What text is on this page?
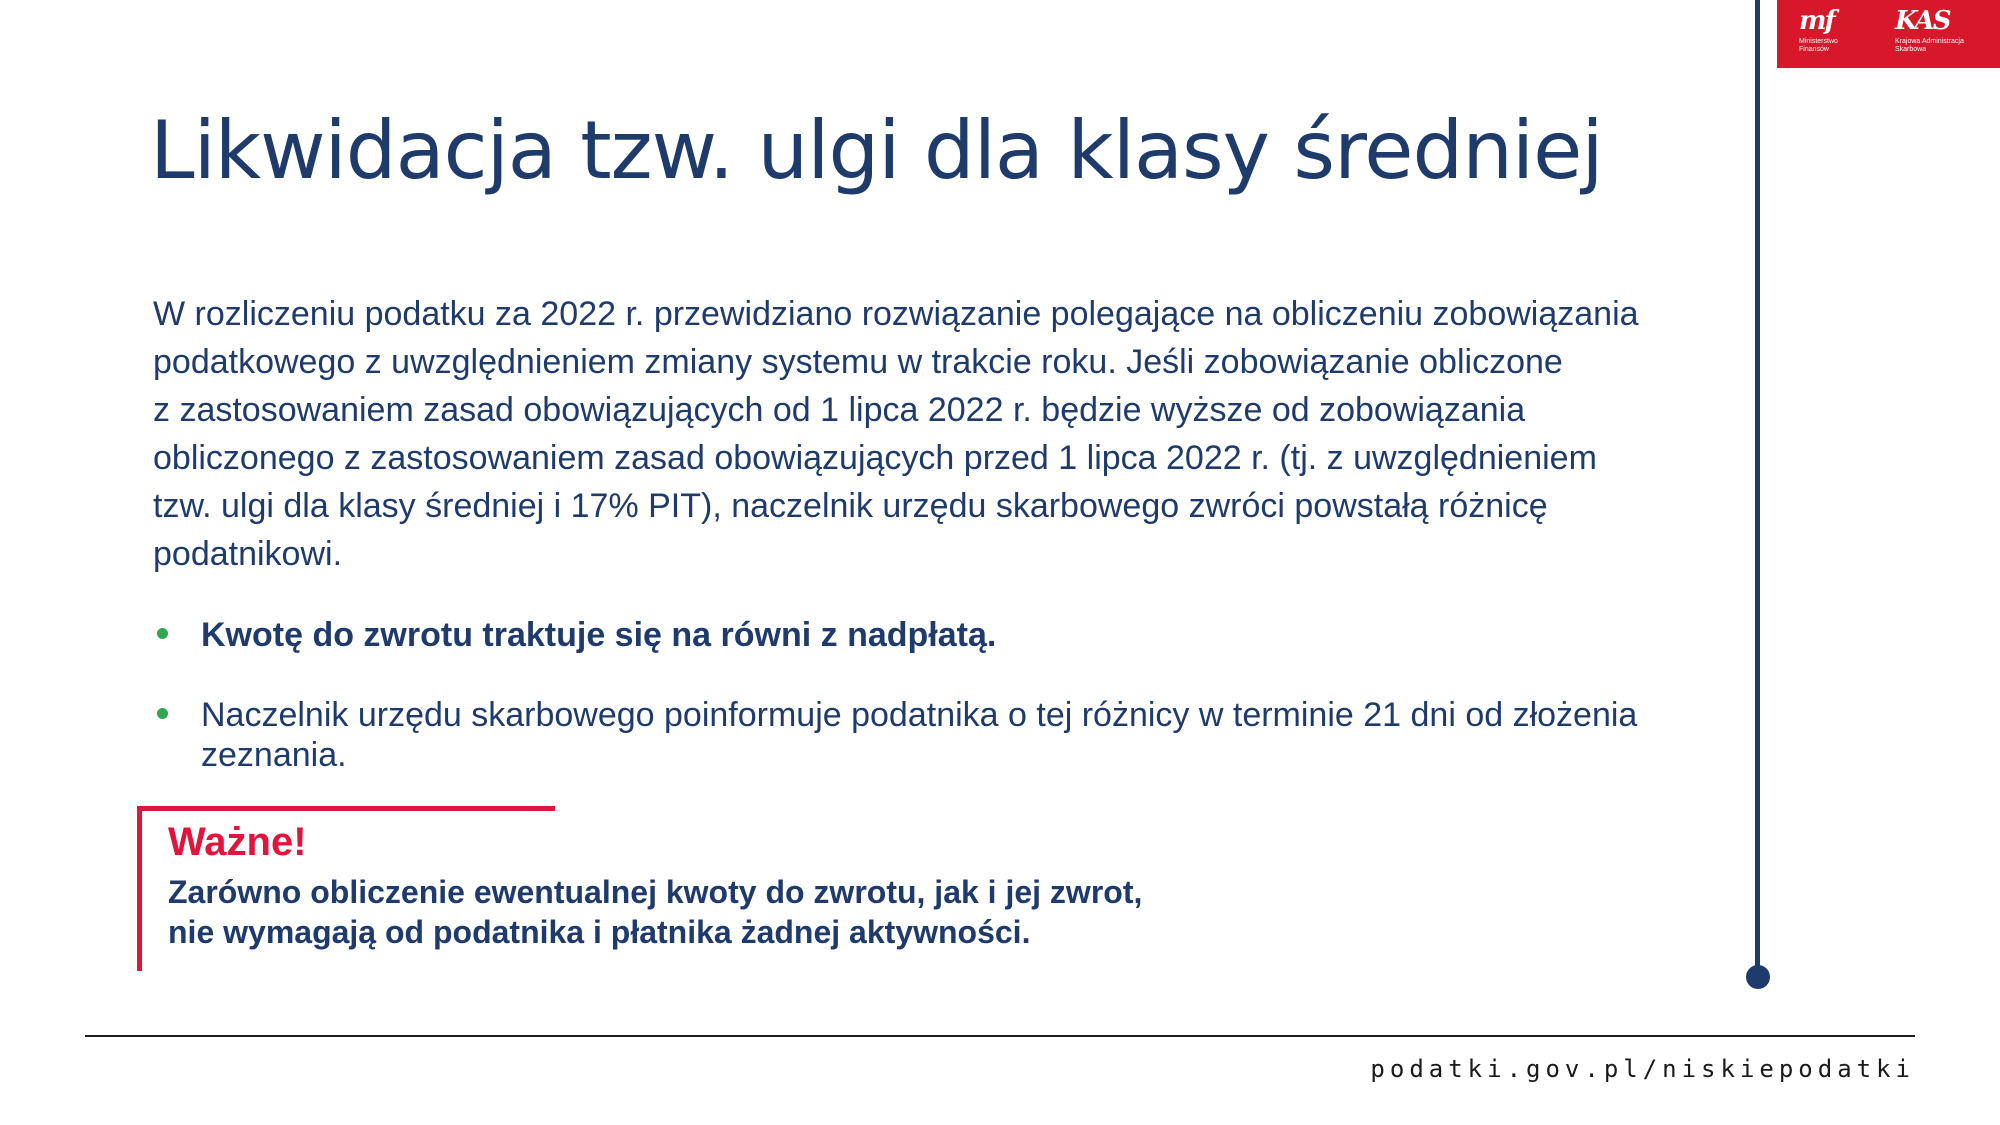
mf
Ministerstwo
Finansów
KAS
Krajowa Administracja
Skarbowa
Likwidacja tzw. ulgi dla klasy średniej

W rozliczeniu podatku za 2022 r. przewidziano rozwiązanie polegające na obliczeniu zobowiązania
podatkowego z uwzględnieniem zmiany systemu w trakcie roku. Jeśli zobowiązanie obliczone
z zastosowaniem zasad obowiązujących od 1 lipca 2022 r. będzie wyższe od zobowiązania
obliczonego z zastosowaniem zasad obowiązujących przed 1 lipca 2022 r. (tj. z uwzględnieniem
tzw. ulgi dla klasy średniej i 17% PIT), naczelnik urzędu skarbowego zwróci powstałą różnicę
podatnikowi.

Kwotę do zwrotu traktuje się na równi z nadpłatą.
Naczelnik urzędu skarbowego poinformuje podatnika o tej różnicy w terminie 21 dni od złożenia zeznania.
Ważne!
Zarówno obliczenie ewentualnej kwoty do zwrotu, jak i jej zwrot,
nie wymagają od podatnika i płatnika żadnej aktywności.
podatki.gov.pl/niskiepodatki
